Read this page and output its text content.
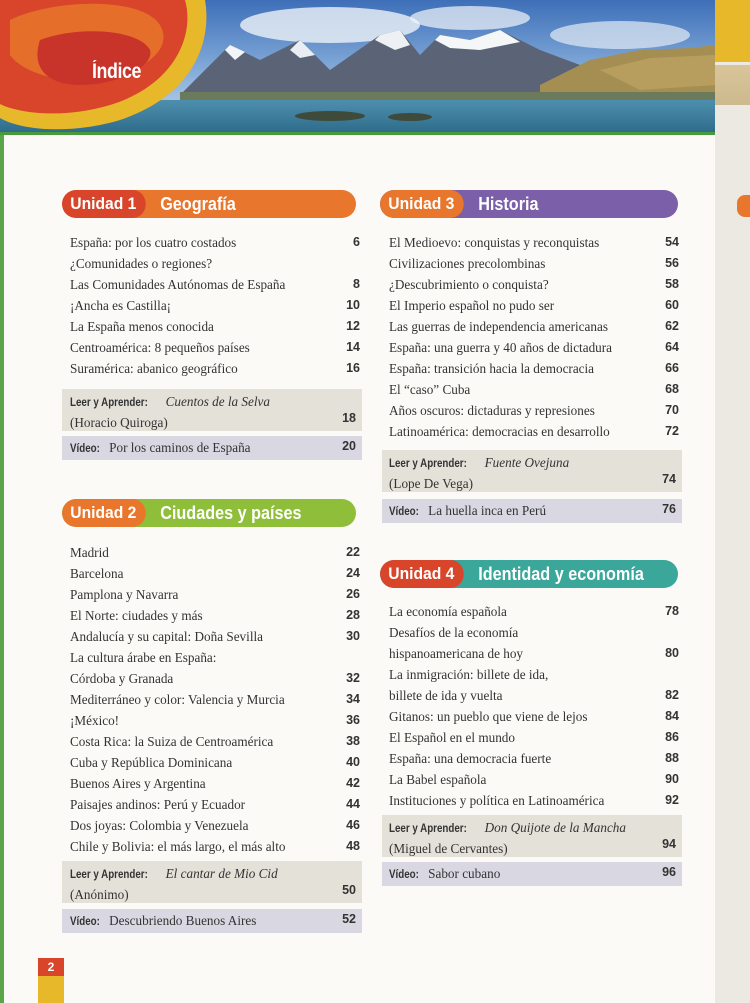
Índice
Unidad 1	Geografía
España: por los cuatro costados	6
¿Comunidades o regiones?
Las Comunidades Autónomas de España	8
¡Ancha es Castilla¡	10
La España menos conocida	12
Centroamérica: 8 pequeños países	14
Suramérica: abanico geográfico	16
Leer y Aprender: Cuentos de la Selva
(Horacio Quiroga)	18
Vídeo: Por los caminos de España	20
Unidad 2	Ciudades y países
Madrid	22
Barcelona	24
Pamplona y Navarra	26
El Norte: ciudades y más	28
Andalucía y su capital: Doña Sevilla	30
La cultura árabe en España:
Córdoba y Granada	32
Mediterráneo y color: Valencia y Murcia	34
¡México!	36
Costa Rica: la Suiza de Centroamérica	38
Cuba y República Dominicana	40
Buenos Aires y Argentina	42
Paisajes andinos: Perú y Ecuador	44
Dos joyas: Colombia y Venezuela	46
Chile y Bolivia: el más largo, el más alto	48
Leer y Aprender: El cantar de Mio Cid
(Anónimo)	50
Vídeo: Descubriendo Buenos Aires	52
Unidad 3	Historia
El Medioevo: conquistas y reconquistas	54
Civilizaciones precolombinas	56
¿Descubrimiento o conquista?	58
El Imperio español no pudo ser	60
Las guerras de independencia americanas	62
España: una guerra y 40 años de dictadura	64
España: transición hacia la democracia	66
El “caso” Cuba	68
Años oscuros: dictaduras y represiones	70
Latinoamérica: democracias en desarrollo	72
Leer y Aprender: Fuente Ovejuna
(Lope De Vega)	74
Vídeo: La huella inca en Perú	76
Unidad 4	Identidad y economía
La economía española	78
Desafíos de la economía
hispanoamericana de hoy	80
La inmigración: billete de ida,
billete de ida y vuelta	82
Gitanos: un pueblo que viene de lejos	84
El Español en el mundo	86
España: una democracia fuerte	88
La Babel española	90
Instituciones y política en Latinoamérica	92
Leer y Aprender: Don Quijote de la Mancha
(Miguel de Cervantes)	94
Vídeo: Sabor cubano	96
2
